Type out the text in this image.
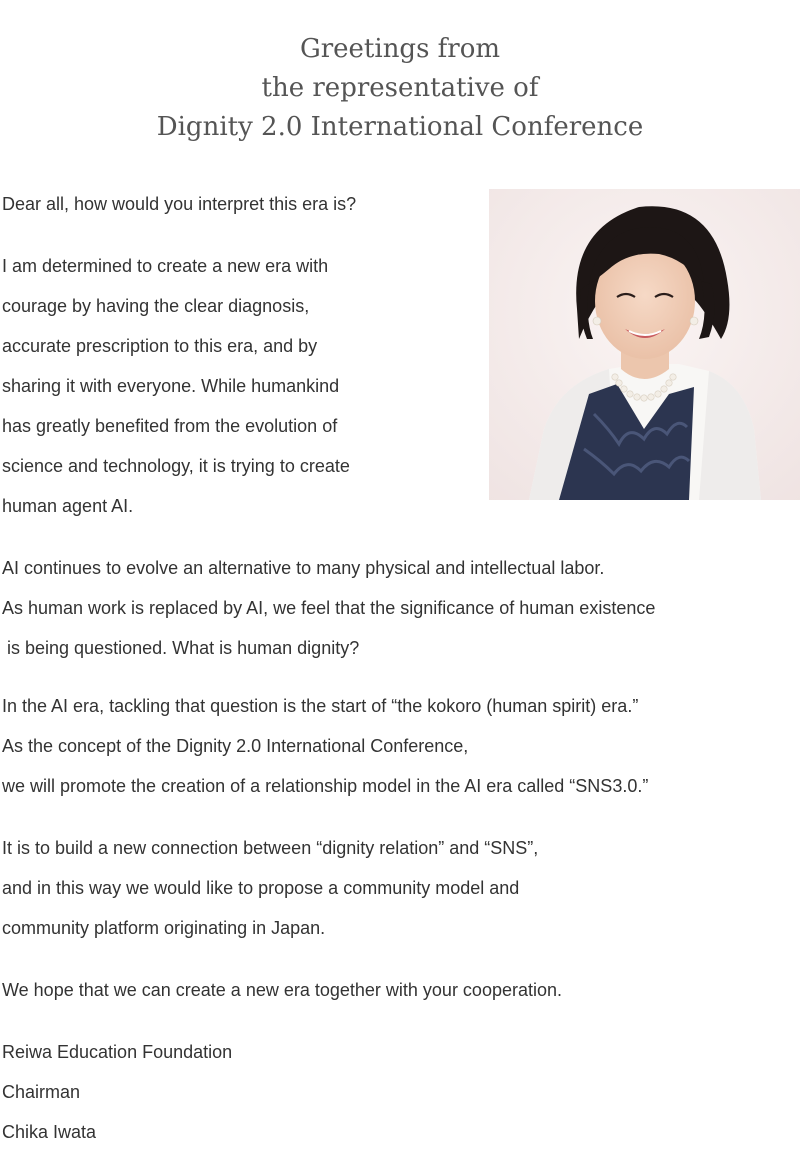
Greetings from
the representative of
Dignity 2.0 International Conference

Dear all, how would you interpret this era is?

I am determined to create a new era with

courage by having the clear diagnosis,

accurate prescription to this era, and by

sharing it with everyone. While humankind

has greatly benefited from the evolution of

science and technology, it is trying to create

human agent AI.

AI continues to evolve an alternative to many physical and intellectual labor.

As human work is replaced by AI, we feel that the significance of human existence

is being questioned. What is human dignity?

In the AI era, tackling that question is the start of “the kokoro (human spirit) era.”

As the concept of the Dignity 2.0 International Conference,

we will promote the creation of a relationship model in the AI era called “SNS3.0.”

It is to build a new connection between “dignity relation” and “SNS”,

and in this way we would like to propose a community model and

community platform originating in Japan.

We hope that we can create a new era together with your cooperation.

Reiwa Education Foundation

Chairman

Chika Iwata
